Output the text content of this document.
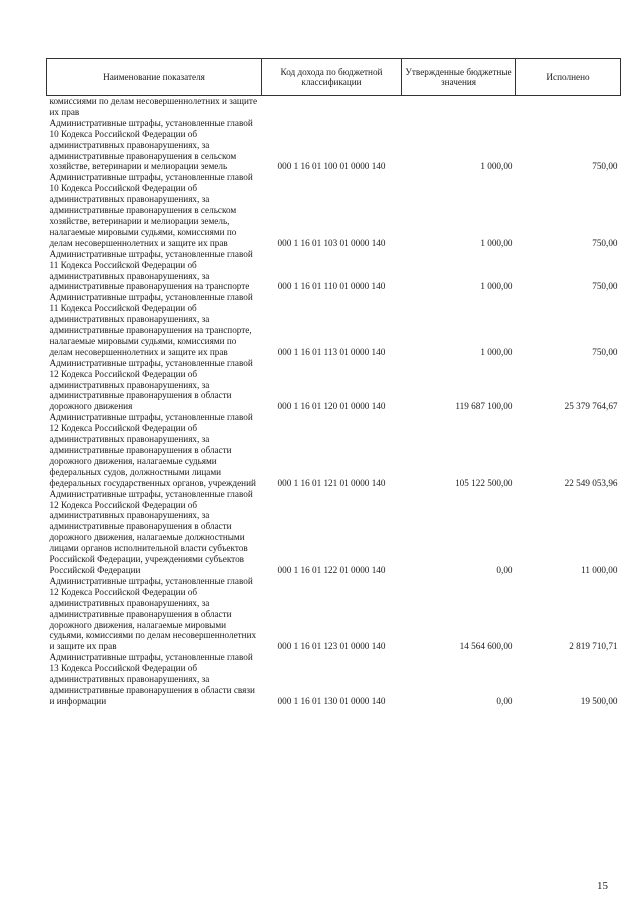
Наименование показателя	Код дохода по бюджетной классификации	Утвержденные бюджетные значения	Исполнено
комиссиями по делам несовершеннолетних и защите их прав			
Административные штрафы, установленные главой 10 Кодекса Российской Федерации об административных правонарушениях, за административные правонарушения в сельском хозяйстве, ветеринарии и мелиорации земель	000 1 16 01 100 01 0000 140	1 000,00	750,00
Административные штрафы, установленные главой 10 Кодекса Российской Федерации об административных правонарушениях, за административные правонарушения в сельском хозяйстве, ветеринарии и мелиорации земель, налагаемые мировыми судьями, комиссиями по делам несовершеннолетних и защите их прав	000 1 16 01 103 01 0000 140	1 000,00	750,00
Административные штрафы, установленные главой 11 Кодекса Российской Федерации об административных правонарушениях, за административные правонарушения на транспорте	000 1 16 01 110 01 0000 140	1 000,00	750,00
Административные штрафы, установленные главой 11 Кодекса Российской Федерации об административных правонарушениях, за административные правонарушения на транспорте, налагаемые мировыми судьями, комиссиями по делам несовершеннолетних и защите их прав	000 1 16 01 113 01 0000 140	1 000,00	750,00
Административные штрафы, установленные главой 12 Кодекса Российской Федерации об административных правонарушениях, за административные правонарушения в области дорожного движения	000 1 16 01 120 01 0000 140	119 687 100,00	25 379 764,67
Административные штрафы, установленные главой 12 Кодекса Российской Федерации об административных правонарушениях, за административные правонарушения в области дорожного движения, налагаемые судьями федеральных судов, должностными лицами федеральных государственных органов, учреждений	000 1 16 01 121 01 0000 140	105 122 500,00	22 549 053,96
Административные штрафы, установленные главой 12 Кодекса Российской Федерации об административных правонарушениях, за административные правонарушения в области дорожного движения, налагаемые должностными лицами органов исполнительной власти субъектов Российской Федерации, учреждениями субъектов Российской Федерации	000 1 16 01 122 01 0000 140	0,00	11 000,00
Административные штрафы, установленные главой 12 Кодекса Российской Федерации об административных правонарушениях, за административные правонарушения в области дорожного движения, налагаемые мировыми судьями, комиссиями по делам несовершеннолетних и защите их прав	000 1 16 01 123 01 0000 140	14 564 600,00	2 819 710,71
Административные штрафы, установленные главой 13 Кодекса Российской Федерации об административных правонарушениях, за административные правонарушения в области связи и информации	000 1 16 01 130 01 0000 140	0,00	19 500,00
15
